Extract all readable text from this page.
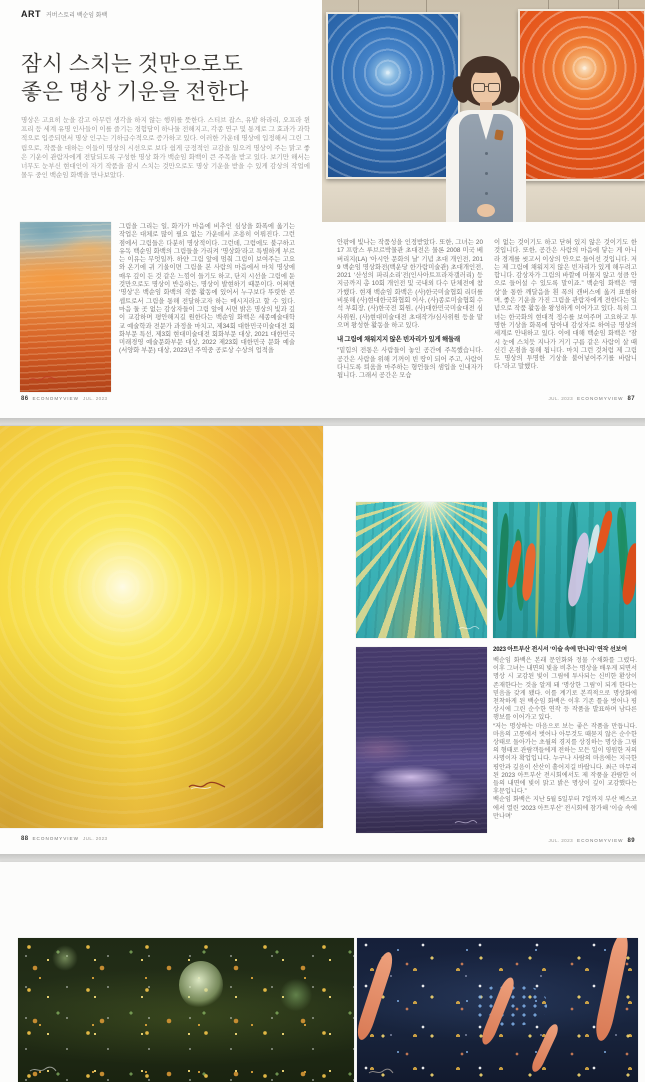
ART 커버스토리 백순임 화백
잠시 스치는 것만으로도
좋은 명상 기운을 전한다

명상은 고요히 눈을 감고 아무런 생각을 하지 않는 행위를 뜻한다. 스티브 잡스, 유발 하라리, 오프라 윈프리 등 세계 유명 인사들이 이를 즐기는 경험담이 하나둘 전해지고, 각종 연구 및 통계로 그 효과가 과학적으로 입증되면서 명상 인구는 기하급수적으로 증가하고 있다. 이러한 가운데 명상에 입정해서 그린 그림으로, 작품을 대하는 이들이 명상의 시선으로 보다 쉽게 긍정적인 교감을 일으켜 명상이 주는 맑고 좋은 기운이 관람자에게 전달되도록 구성한 명상 화가 백순임 화백이 큰 주목을 받고 있다. 보기만 해서는 너무도 눈부신 현대인이 자기 작품을 잠시 스치는 것만으로도 명상 기운을 받을 수 있게 감상의 작업에 몰두 중인 백순임 화백을 만나보았다.

그림을 그리는 일, 화가가 마음에 비추인 심상을 화폭에 옮기는 작업은 대체로 많이 필요 없는 가운데서 조용히 이뤄진다. 그런 점에서 그림들은 다분히 명상적이다. 그런데, 그럼에도 불구하고 유독 백순임 화백의 그림들을 가리켜 ‘명상화’라고 특별하게 부르는 이유는 무엇일까. 하얀 그림 앞에 멈춰 그림이 보여주는 고요와 온기에 귀 기울이면 그림을 본 사람의 마음에서 마치 명상에 매우 깊이 든 것 같은 느낌이 들기도 하고, 단지 시선을 그림에 둔 것만으로도 명상이 반응하는, 명상이 발현하기 때문이다. 어쩌면 ‘명상’은 백순임 화백의 작품 활동에 있어서 누구보다 뚜렷한 콘셉트로서 그림을 통해 전달하고자 하는 메시지라고 할 수 있다. 마음 둘 곳 없는 감상자들이 그림 앞에 서면 밝은 명상의 빛과 깊이 교감하며 평안해지길 원한다는 백순임 화백은 세종예술대학교 예술학과 전문가 과정을 마치고, 제34회 대한민국미술대전 회화부문 특선, 제3회 현대미술대전 회화부문 대상, 2021 대한민국 미래경영 예술문화부문 대상, 2022 제23회 대한민국 문화 예술 (서양화 부문) 대상, 2023년 주역중 공로상 수상의 업적을

안팎에 빛나는 작품성을 인정받았다. 또한, 그녀는 2017 프랑스 루브르박물관 초대전은 물론 2008 미국 베버리지(LA) ‘아시안 문화의 날’ 기념 초대 개인전, 2019 백순임 명상화전(백운당 한가람미술관) 초대개인전, 2021 ‘산성의 파리소리’전(인사아트프라자갤러리) 등 지금까지 총 10회 개인전 및 국내외 다수 단체전에 참가했다. 현재 백순임 화백은 (사)한국미술협회 리더를 비롯해 (사)현대한국화협회 이사, (사)종로미술협회 수석 부회장, (사)한국전 회원, (사)대한민국미술대전 심사위원, (사)현대미술대전 초대작가/심사위원 등을 맡으며 왕성한 활동을 하고 있다.

내 그림에 채워지지 않은 빈자리가 있게 해둘래

“밑힘의 전통은 사람들이 놓인 공간에 주목했습니다. 공간은 사람을 위해 기꺼이 빈 땅이 되어 주고, 사람이 다니도록 틔움을 마주하는 형언들의 샘입을 인내자가 됩니다. 그래서 공간은 모습

이 없는 것이기도 하고 닫혀 있지 않은 것이기도 한 것입니다. 또한, 공간은 사람의 마음에 닿는 게 아니라 경계를 씻고서 이상의 안으로 들어선 것입니다. 저는 제 그림에 채워지지 않은 빈자리가 있게 해두려고 합니다. 감상자가 그림의 바깥에 머물지 않고 성큼 안으로 들어설 수 있도록 말이죠.” 백순임 화백은 ‘명상’을 통한 깨달음을 흰 폭의 캔버스에 옮겨 표현하며, 좋은 기운을 가진 그림을 관람자에게 전한다는 일념으로 작품 활동을 왕성하게 이어가고 있다. 특히 그녀는 한국화의 현대적 정수를 보여주며 고요하고 투명한 기상을 화폭에 담아내 감상자로 하여금 명상의 세계로 안내하고 있다. 이에 대해 백순임 화백은 “잠시 눈에 스치듯 지나가 거기 구름 같은 사람이 살 때 신긴 온점을 통해 됩니다. 마치 그런 것처럼 제 그림도 명상의 투명한 기상을 불어넣어주기를 바랍니다.”라고 말했다.
86 ECONOMYVIEW JUL. 2023	JUL. 2023 ECONOMYVIEW 87
2023 아트부산 전시서 ‘이슬 속에 만나리’ 연작 선보여

백순임 화백은 본래 문인화와 정물 수채화를 그렸다. 이후 그녀는 내면의 빛을 비추는 명상을 배우게 되면서 명상 시 교감된 빛이 그림에 투사되는 신비한 환상이 존재한다는 것을 알게 돼 ‘명상한 그림’이 되게 한다는 믿음을 갖게 됐다. 이를 계기로 본격적으로 명상화에 천착하게 된 백순임 화백은 이후 기존 틀을 벗어나 평상시에 그린 순수한 연작 등 작품을 발표하며 남다른 행보를 이어가고 있다.

“저는 명상하는 마음으로 보는 좋은 작품을 만듭니다. 마음의 고통에서 벗어나 아무것도 때묻지 않은 순수한 상태로 돌아가는 초월의 경지를 상징하는 명상을 그림의 형태로 관람객들에게 전하는 모든 일이 영원한 저의 사명이자 확업입니다. 누구나 사람의 마음에는 지극한 평안과 깊음이 산산이 흩어지길 바랍니다. 최근 마무리된 2023 아트부산 전시회에서도 제 작품을 관람한 이들의 내면에 빛이 맑고 밝은 명상이 깊이 교감했다는 후문입니다.”

백순임 화백은 지난 5월 5일부터 7일까지 부산 벡스코에서 열린 ‘2023 아트부산’ 전시회에 참가해 ‘이슬 속에 만나며’

88 ECONOMYVIEW JUL. 2023	JUL. 2023 ECONOMYVIEW 89
